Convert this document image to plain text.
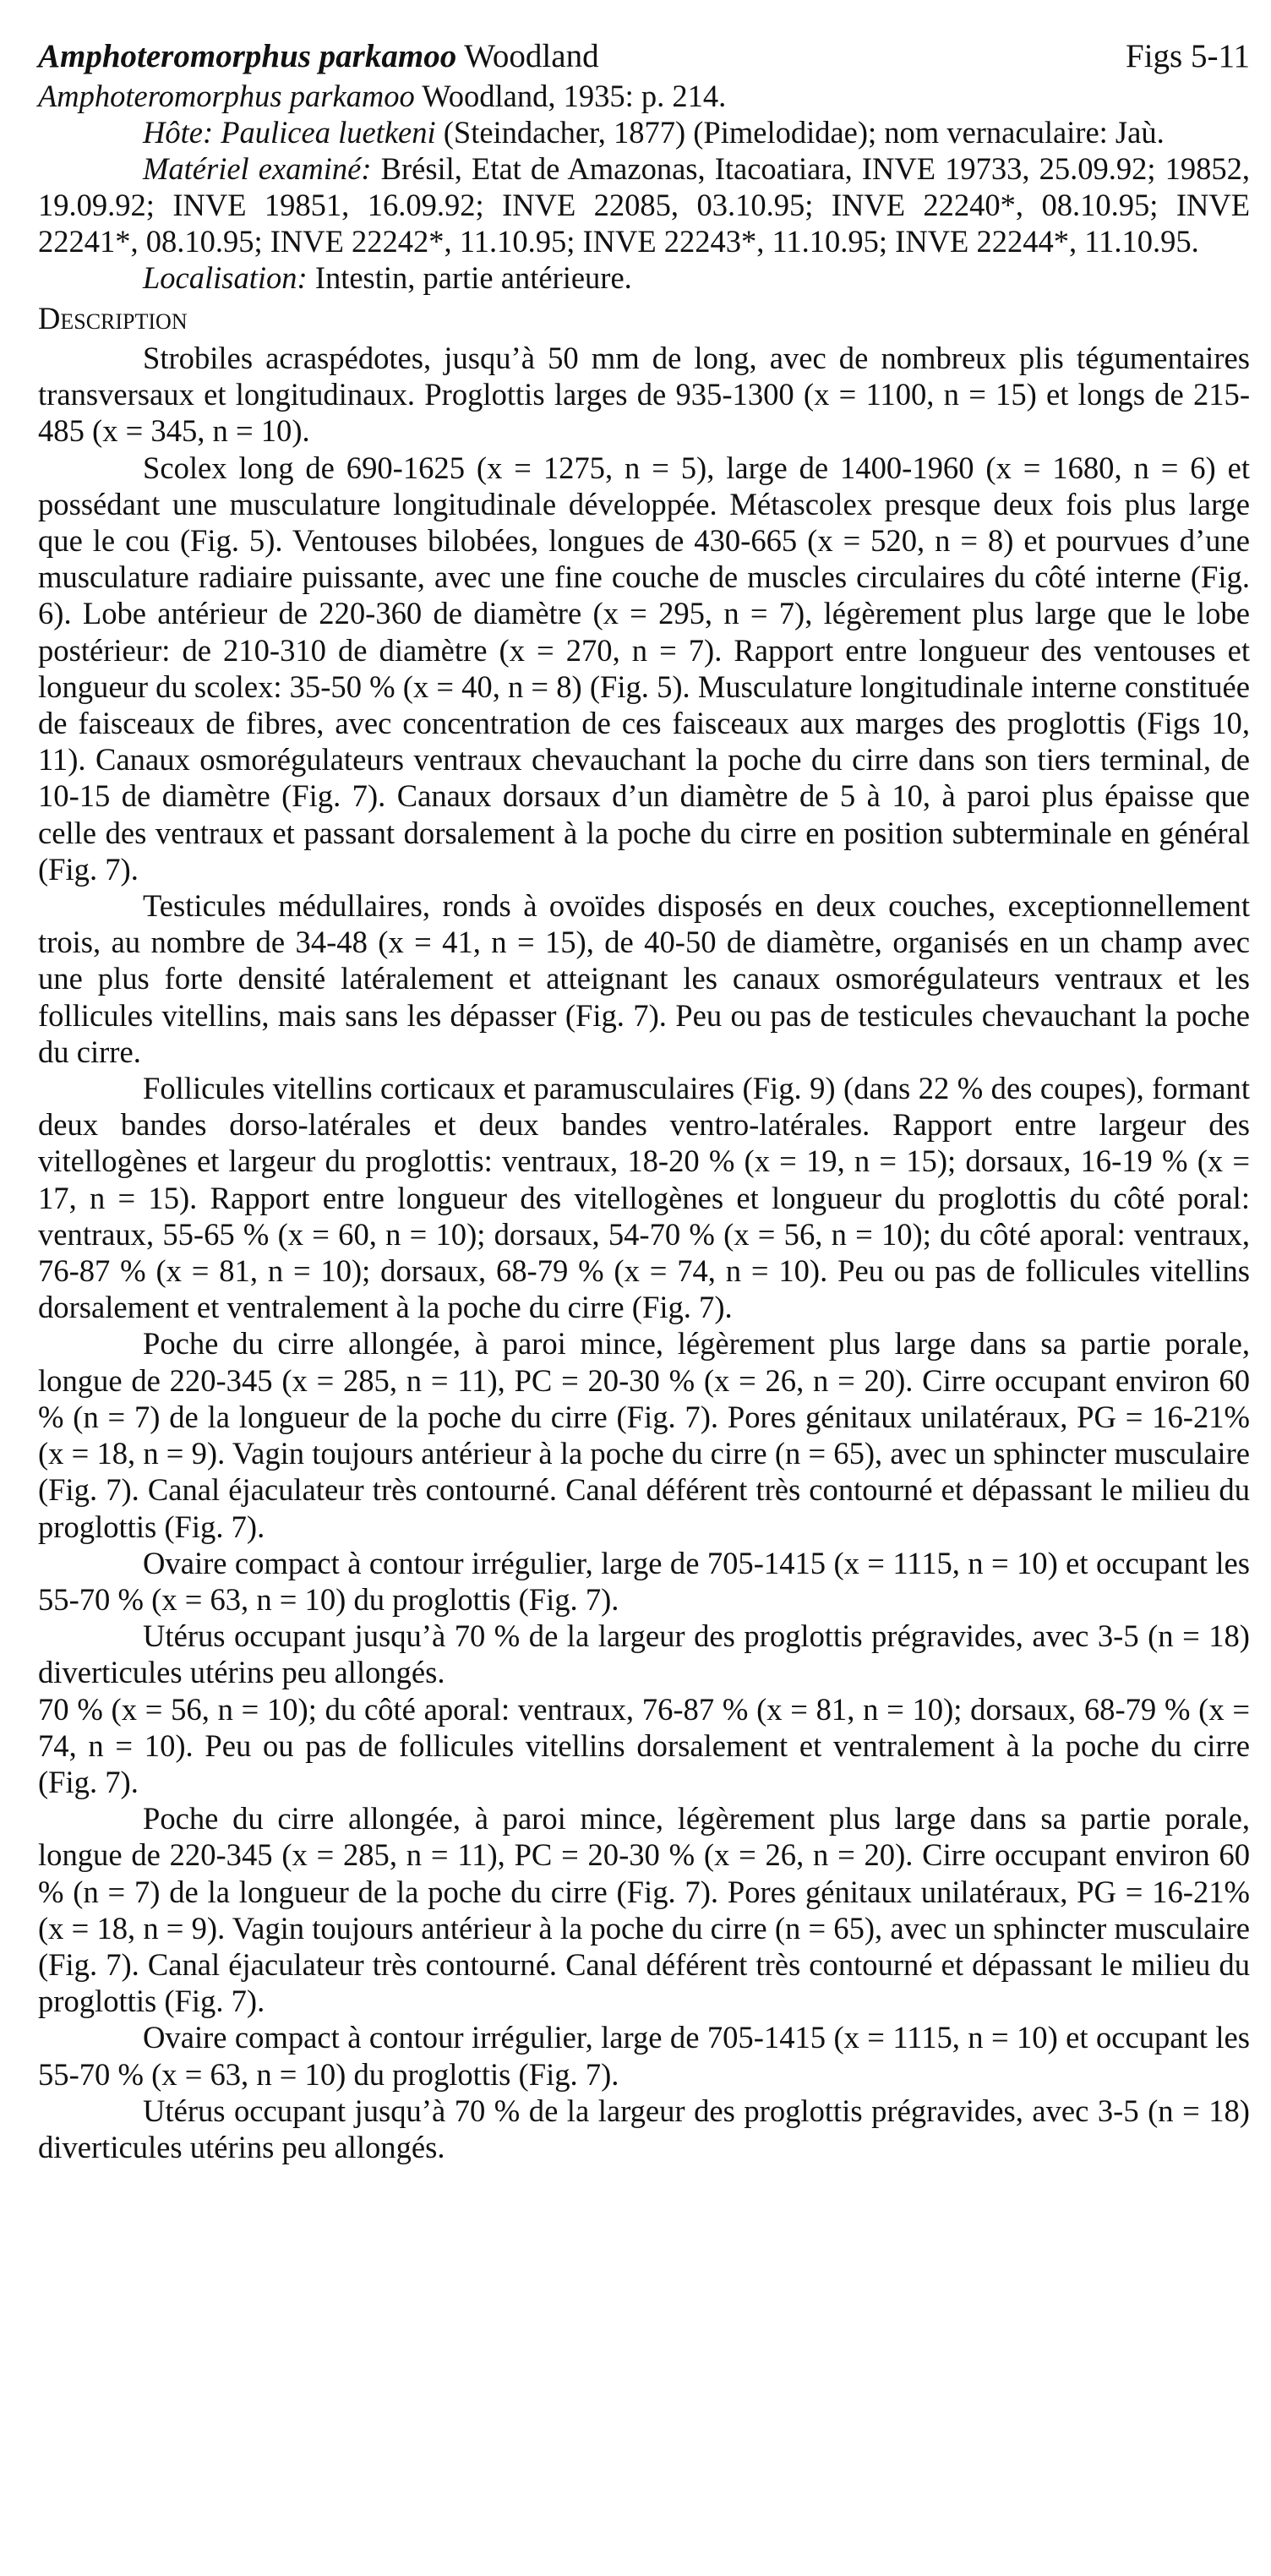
Amphoteromorphus parkamoo Woodland	Figs 5-11

Amphoteromorphus parkamoo Woodland, 1935: p. 214.

Hôte: Paulicea luetkeni (Steindacher, 1877) (Pimelodidae); nom vernaculaire: Jaù.

Matériel examiné: Brésil, Etat de Amazonas, Itacoatiara, INVE 19733, 25.09.92; 19852, 19.09.92; INVE 19851, 16.09.92; INVE 22085, 03.10.95; INVE 22240*, 08.10.95; INVE 22241*, 08.10.95; INVE 22242*, 11.10.95; INVE 22243*, 11.10.95; INVE 22244*, 11.10.95.

Localisation: Intestin, partie antérieure.

Description

Strobiles acraspédotes, jusqu’à 50 mm de long, avec de nombreux plis tégumentaires transversaux et longitudinaux. Proglottis larges de 935-1300 (x = 1100, n = 15) et longs de 215-485 (x = 345, n = 10).

Scolex long de 690-1625 (x = 1275, n = 5), large de 1400-1960 (x = 1680, n = 6) et possédant une musculature longitudinale développée. Métascolex presque deux fois plus large que le cou (Fig. 5). Ventouses bilobées, longues de 430-665 (x = 520, n = 8) et pourvues d’une musculature radiaire puissante, avec une fine couche de muscles circulaires du côté interne (Fig. 6). Lobe antérieur de 220-360 de diamètre (x = 295, n = 7), légèrement plus large que le lobe postérieur: de 210-310 de diamètre (x = 270, n = 7). Rapport entre longueur des ventouses et longueur du scolex: 35-50 % (x = 40, n = 8) (Fig. 5). Musculature longitudinale interne constituée de faisceaux de fibres, avec concentration de ces faisceaux aux marges des proglottis (Figs 10, 11). Canaux osmorégulateurs ventraux chevauchant la poche du cirre dans son tiers terminal, de 10-15 de diamètre (Fig. 7). Canaux dorsaux d’un diamètre de 5 à 10, à paroi plus épaisse que celle des ventraux et passant dorsalement à la poche du cirre en position subterminale en général (Fig. 7).

Testicules médullaires, ronds à ovoïdes disposés en deux couches, exceptionnellement trois, au nombre de 34-48 (x = 41, n = 15), de 40-50 de diamètre, organisés en un champ avec une plus forte densité latéralement et atteignant les canaux osmorégulateurs ventraux et les follicules vitellins, mais sans les dépasser (Fig. 7). Peu ou pas de testicules chevauchant la poche du cirre.

Follicules vitellins corticaux et paramusculaires (Fig. 9) (dans 22 % des coupes), formant deux bandes dorso-latérales et deux bandes ventro-latérales. Rapport entre largeur des vitellogènes et largeur du proglottis: ventraux, 18-20 % (x = 19, n = 15); dorsaux, 16-19 % (x = 17, n = 15). Rapport entre longueur des vitellogènes et longueur du proglottis du côté poral: ventraux, 55-65 % (x = 60, n = 10); dorsaux, 54-70 % (x = 56, n = 10); du côté aporal: ventraux, 76-87 % (x = 81, n = 10); dorsaux, 68-79 % (x = 74, n = 10). Peu ou pas de follicules vitellins dorsalement et ventralement à la poche du cirre (Fig. 7).

Poche du cirre allongée, à paroi mince, légèrement plus large dans sa partie porale, longue de 220-345 (x = 285, n = 11), PC = 20-30 % (x = 26, n = 20). Cirre occupant environ 60 % (n = 7) de la longueur de la poche du cirre (Fig. 7). Pores génitaux unilatéraux, PG = 16-21% (x = 18, n = 9). Vagin toujours antérieur à la poche du cirre (n = 65), avec un sphincter musculaire (Fig. 7). Canal éjaculateur très contourné. Canal déférent très contourné et dépassant le milieu du proglottis (Fig. 7).

Ovaire compact à contour irrégulier, large de 705-1415 (x = 1115, n = 10) et occupant les 55-70 % (x = 63, n = 10) du proglottis (Fig. 7).

Utérus occupant jusqu’à 70 % de la largeur des proglottis prégravides, avec 3-5 (n = 18) diverticules utérins peu allongés.

70 % (x = 56, n = 10); du côté aporal: ventraux, 76-87 % (x = 81, n = 10); dorsaux, 68-79 % (x = 74, n = 10). Peu ou pas de follicules vitellins dorsalement et ventralement à la poche du cirre (Fig. 7).

Poche du cirre allongée, à paroi mince, légèrement plus large dans sa partie porale, longue de 220-345 (x = 285, n = 11), PC = 20-30 % (x = 26, n = 20). Cirre occupant environ 60 % (n = 7) de la longueur de la poche du cirre (Fig. 7). Pores génitaux unilatéraux, PG = 16-21% (x = 18, n = 9). Vagin toujours antérieur à la poche du cirre (n = 65), avec un sphincter musculaire (Fig. 7). Canal éjaculateur très contourné. Canal déférent très contourné et dépassant le milieu du proglottis (Fig. 7).

Ovaire compact à contour irrégulier, large de 705-1415 (x = 1115, n = 10) et occupant les 55-70 % (x = 63, n = 10) du proglottis (Fig. 7).

Utérus occupant jusqu’à 70 % de la largeur des proglottis prégravides, avec 3-5 (n = 18) diverticules utérins peu allongés.
